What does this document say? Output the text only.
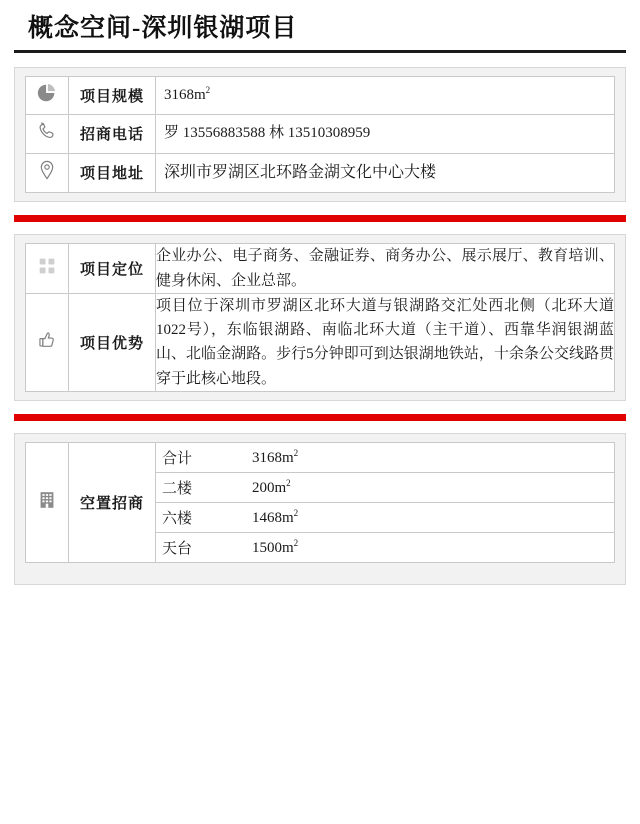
概念空间-深圳银湖项目

项目规模	$3168m^2$

招商电话	罗 13556883588 林 13510308959

项目地址	深圳市罗湖区北环路金湖文化中心大楼

项目定位	企业办公、电子商务、金融证券、商务办公、展示展厅、教育培训、健身休闲、企业总部。

项目优势	项目位于深圳市罗湖区北环大道与银湖路交汇处西北侧（北环大道1022号），东临银湖路、南临北环大道（主干道）、西靠华润银湖蓝山、北临金湖路。步行5分钟即可到达银湖地铁站，十余条公交线路贯穿于此核心地段。

空置招商

合计	$3168m^2$
二楼	$200m^2$
六楼	$1468m^2$
天台	$1500m^2$
